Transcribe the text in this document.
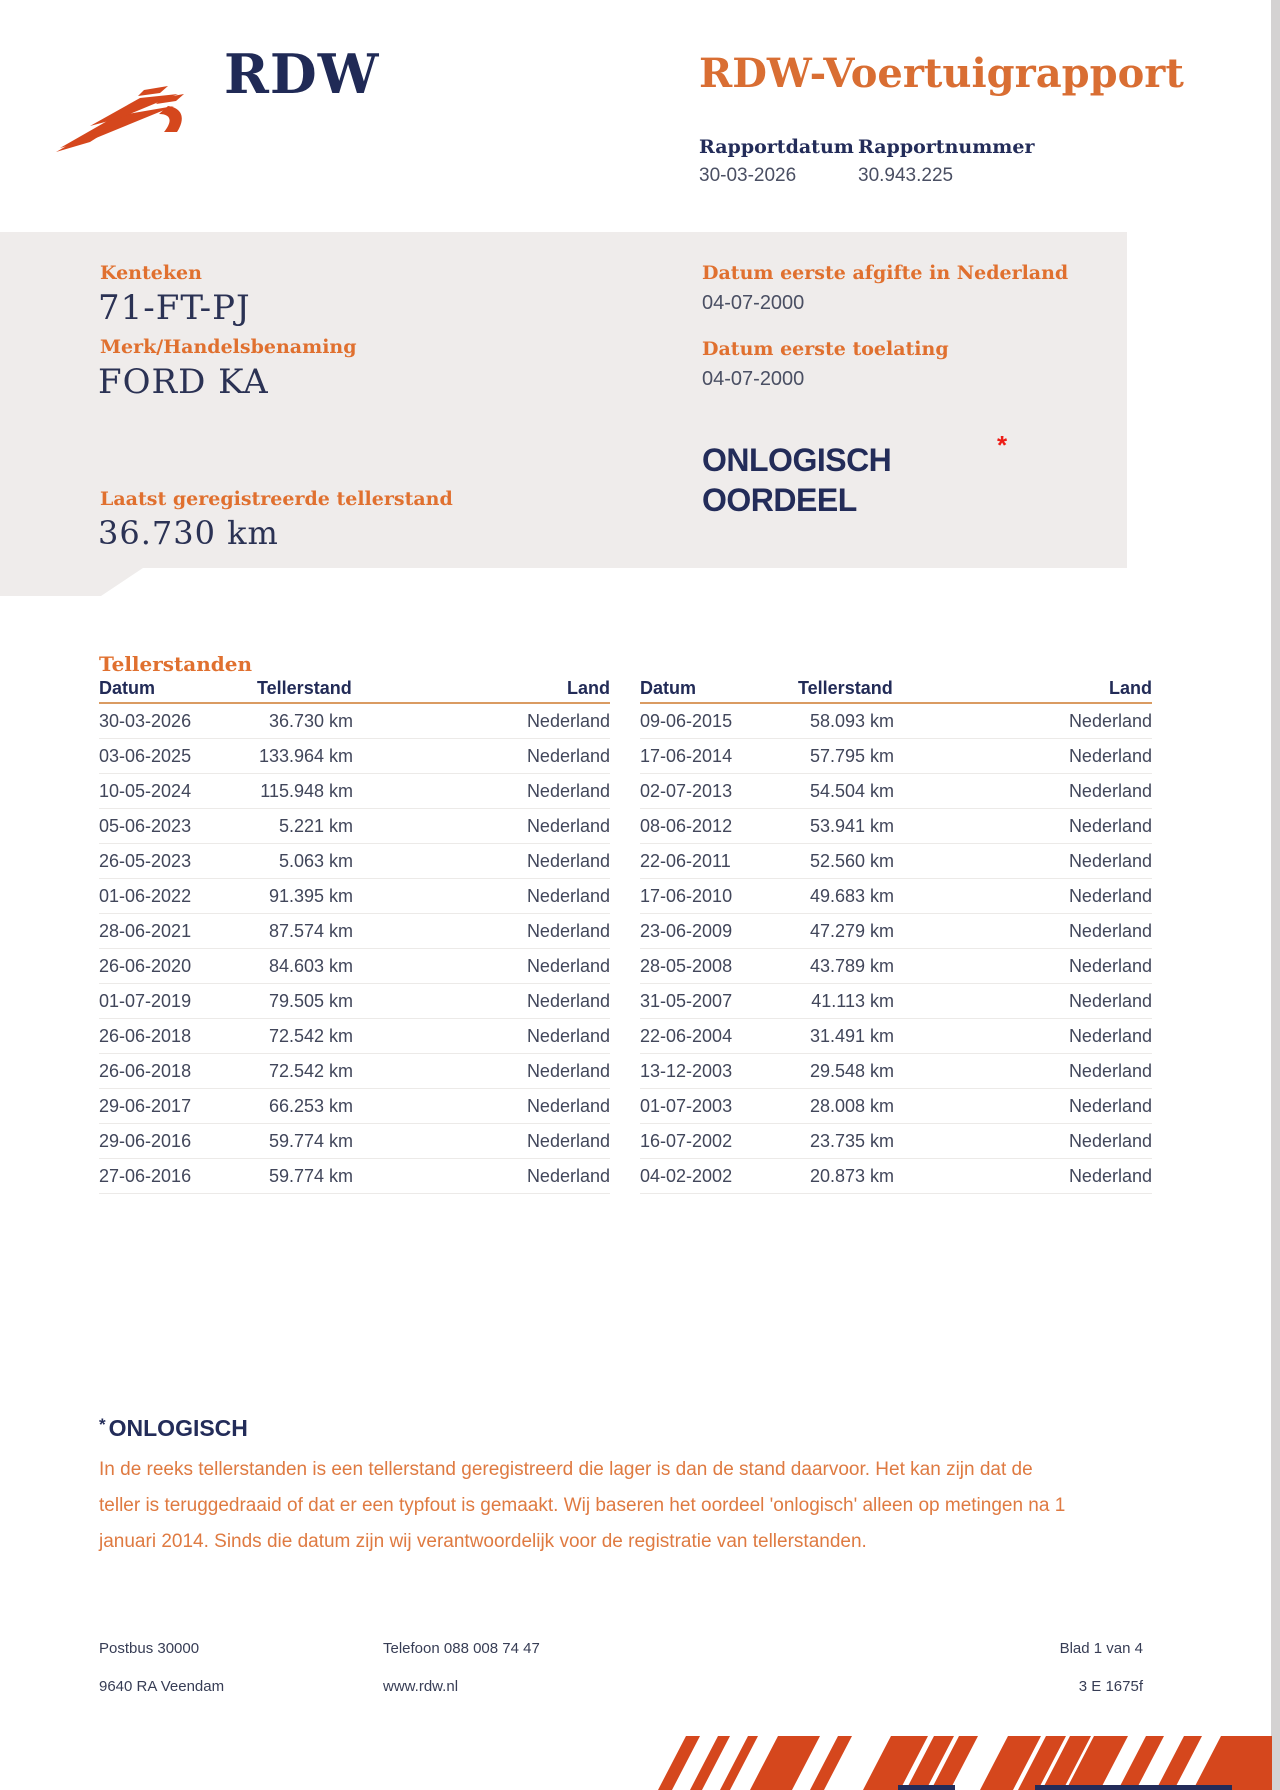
RDW	RDW-Voertuigrapport
Rapportdatum Rapportnummer
30-03-2026	30.943.225
Kenteken
71-FT-PJ
Merk/Handelsbenaming
FORD KA
Laatst geregistreerde tellerstand
36.730 km
Datum eerste afgifte in Nederland
04-07-2000
Datum eerste toelating
04-07-2000
ONLOGISCH
OORDEEL
*
Tellerstanden
Datum	Tellerstand	Land
30-03-2026	36.730 km	Nederland
03-06-2025	133.964 km	Nederland
10-05-2024	115.948 km	Nederland
05-06-2023	5.221 km	Nederland
26-05-2023	5.063 km	Nederland
01-06-2022	91.395 km	Nederland
28-06-2021	87.574 km	Nederland
26-06-2020	84.603 km	Nederland
01-07-2019	79.505 km	Nederland
26-06-2018	72.542 km	Nederland
26-06-2018	72.542 km	Nederland
29-06-2017	66.253 km	Nederland
29-06-2016	59.774 km	Nederland
27-06-2016	59.774 km	Nederland
Datum	Tellerstand	Land
09-06-2015	58.093 km	Nederland
17-06-2014	57.795 km	Nederland
02-07-2013	54.504 km	Nederland
08-06-2012	53.941 km	Nederland
22-06-2011	52.560 km	Nederland
17-06-2010	49.683 km	Nederland
23-06-2009	47.279 km	Nederland
28-05-2008	43.789 km	Nederland
31-05-2007	41.113 km	Nederland
22-06-2004	31.491 km	Nederland
13-12-2003	29.548 km	Nederland
01-07-2003	28.008 km	Nederland
16-07-2002	23.735 km	Nederland
04-02-2002	20.873 km	Nederland
* ONLOGISCH
In de reeks tellerstanden is een tellerstand geregistreerd die lager is dan de stand daarvoor. Het kan zijn dat de teller is teruggedraaid of dat er een typfout is gemaakt. Wij baseren het oordeel 'onlogisch' alleen op metingen na 1 januari 2014. Sinds die datum zijn wij verantwoordelijk voor de registratie van tellerstanden.
Postbus 30000
9640 RA Veendam
Telefoon 088 008 74 47
www.rdw.nl
Blad 1 van 4
3 E 1675f
